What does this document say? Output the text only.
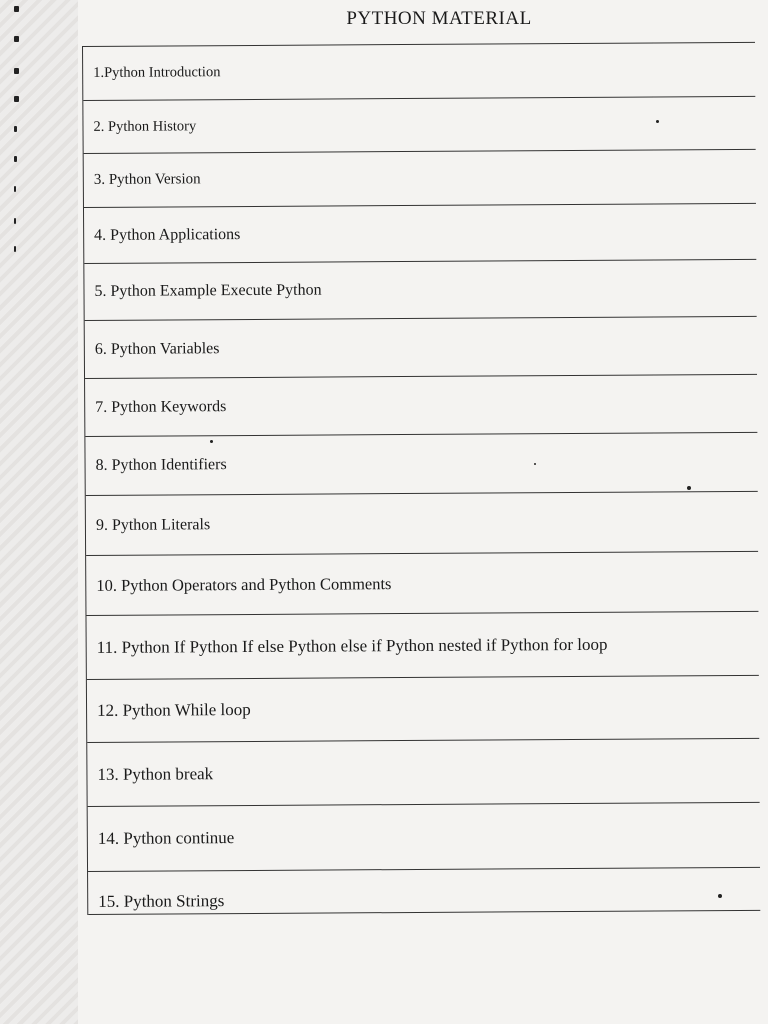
PYTHON MATERIAL
1.Python Introduction
2. Python History
3. Python Version
4. Python Applications
5. Python Example Execute Python
6. Python Variables
7. Python Keywords
8. Python Identifiers
9. Python Literals
10. Python Operators and Python Comments
11. Python If Python If else Python else if Python nested if Python for loop
12. Python While loop
13. Python break
14. Python continue
15. Python Strings
